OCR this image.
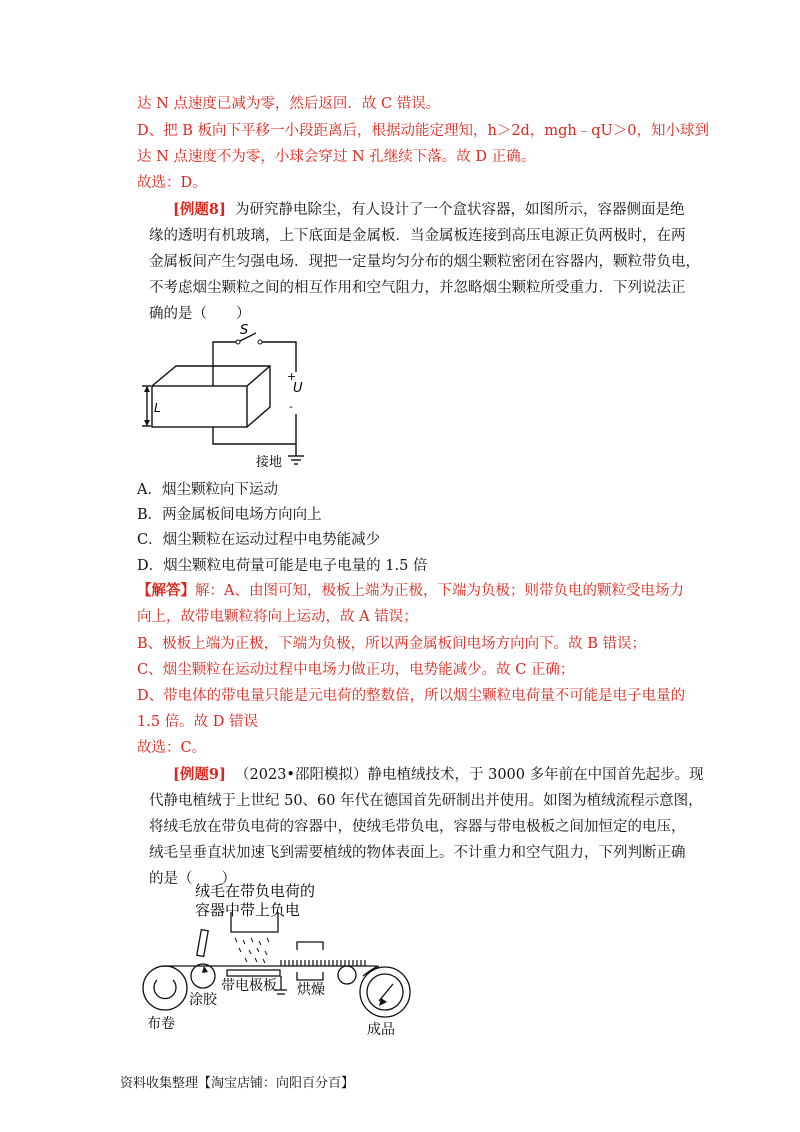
达 N 点速度已减为零，然后返回．故 C 错误。
D、把 B 板向下平移一小段距离后，根据动能定理知，h＞2d，mgh﹣qU＞0，知小球到
达 N 点速度不为零，小球会穿过 N 孔继续下落。故 D 正确。
故选：D。
[例题8] 为研究静电除尘，有人设计了一个盒状容器，如图所示，容器侧面是绝
缘的透明有机玻璃，上下底面是金属板．当金属板连接到高压电源正负两极时，在两
金属板间产生匀强电场．现把一定量均匀分布的烟尘颗粒密闭在容器内，颗粒带负电，
不考虑烟尘颗粒之间的相互作用和空气阻力，并忽略烟尘颗粒所受重力．下列说法正
确的是（　　）
S
+
U
-
L
接地
A．烟尘颗粒向下运动
B．两金属板间电场方向向上
C．烟尘颗粒在运动过程中电势能减少
D．烟尘颗粒电荷量可能是电子电量的 1.5 倍
【解答】解：A、由图可知，极板上端为正极，下端为负极；则带负电的颗粒受电场力
向上，故带电颗粒将向上运动，故 A 错误；
B、极板上端为正极，下端为负极，所以两金属板间电场方向向下。故 B 错误；
C、烟尘颗粒在运动过程中电场力做正功，电势能减少。故 C 正确；
D、带电体的带电量只能是元电荷的整数倍，所以烟尘颗粒电荷量不可能是电子电量的
1.5 倍。故 D 错误
故选：C。
[例题9] （2023•邵阳模拟）静电植绒技术，于 3000 多年前在中国首先起步。现
代静电植绒于上世纪 50、60 年代在德国首先研制出并使用。如图为植绒流程示意图，
将绒毛放在带负电荷的容器中，使绒毛带负电，容器与带电极板之间加恒定的电压，
绒毛呈垂直状加速飞到需要植绒的物体表面上。不计重力和空气阻力，下列判断正确
的是（　　）
绒毛在带负电荷的
容器中带上负电
涂胶
带电极板 烘燥
布卷	成品
资料收集整理【淘宝店铺：向阳百分百】
